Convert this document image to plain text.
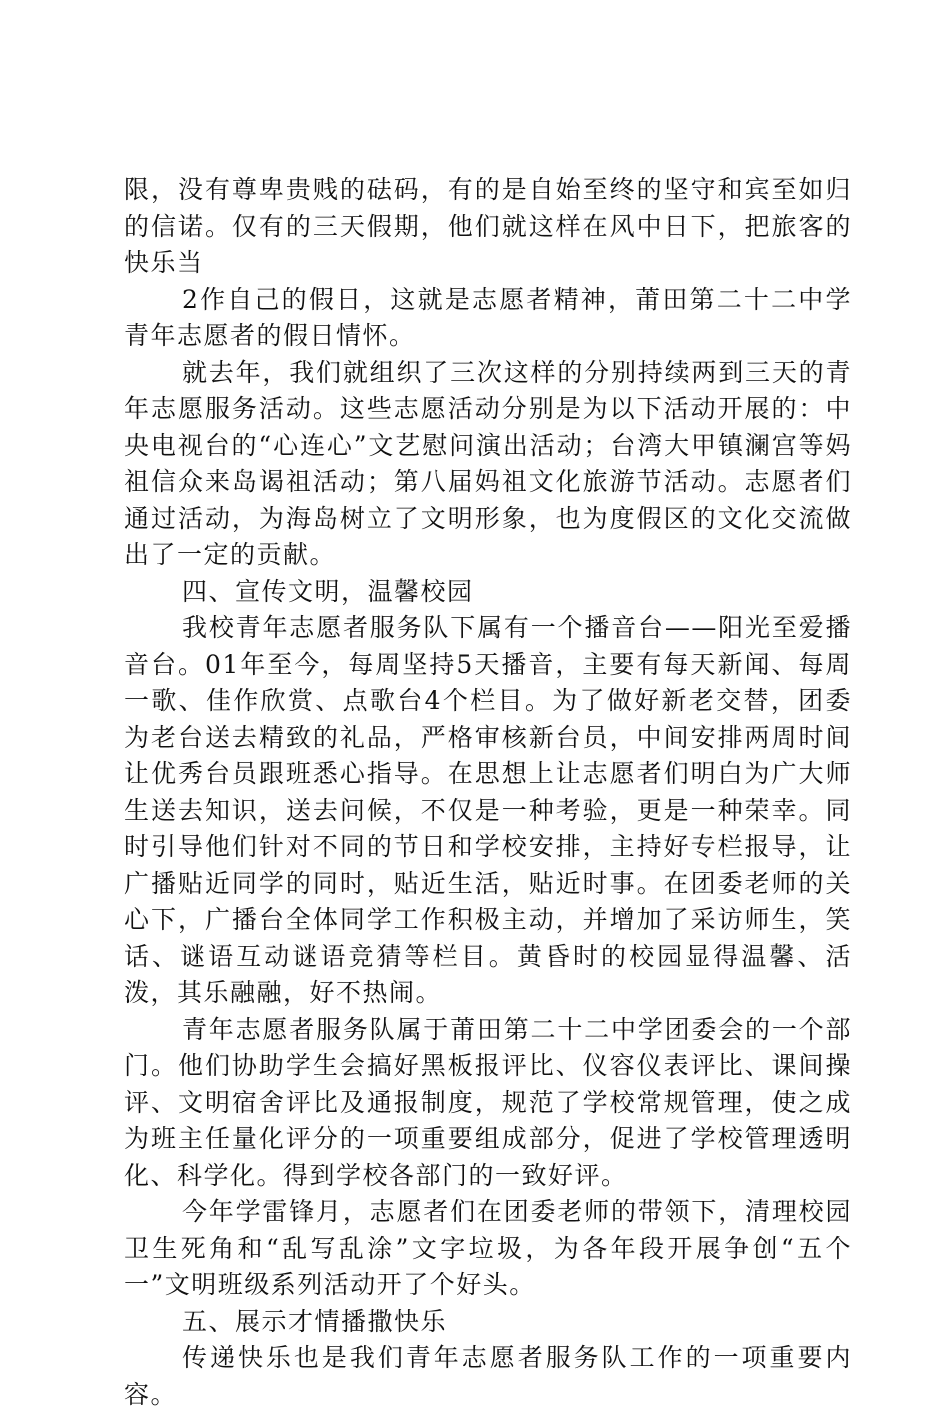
限，没有尊卑贵贱的砝码，有的是自始至终的坚守和宾至如归的信诺。仅有的三天假期，他们就这样在风中日下，把旅客的快乐当

2作自己的假日，这就是志愿者精神，莆田第二十二中学青年志愿者的假日情怀。

就去年，我们就组织了三次这样的分别持续两到三天的青年志愿服务活动。这些志愿活动分别是为以下活动开展的：中央电视台的“心连心”文艺慰问演出活动；台湾大甲镇澜宫等妈祖信众来岛谒祖活动；第八届妈祖文化旅游节活动。志愿者们通过活动，为海岛树立了文明形象，也为度假区的文化交流做出了一定的贡献。

四、宣传文明，温馨校园

我校青年志愿者服务队下属有一个播音台——阳光至爱播音台。01年至今，每周坚持5天播音，主要有每天新闻、每周一歌、佳作欣赏、点歌台4个栏目。为了做好新老交替，团委为老台送去精致的礼品，严格审核新台员，中间安排两周时间让优秀台员跟班悉心指导。在思想上让志愿者们明白为广大师生送去知识，送去问候，不仅是一种考验，更是一种荣幸。同时引导他们针对不同的节日和学校安排，主持好专栏报导，让广播贴近同学的同时，贴近生活，贴近时事。在团委老师的关心下，广播台全体同学工作积极主动，并增加了采访师生，笑话、谜语互动谜语竞猜等栏目。黄昏时的校园显得温馨、活泼，其乐融融，好不热闹。

青年志愿者服务队属于莆田第二十二中学团委会的一个部门。他们协助学生会搞好黑板报评比、仪容仪表评比、课间操评、文明宿舍评比及通报制度，规范了学校常规管理，使之成为班主任量化评分的一项重要组成部分，促进了学校管理透明化、科学化。得到学校各部门的一致好评。

今年学雷锋月，志愿者们在团委老师的带领下，清理校园卫生死角和“乱写乱涂”文字垃圾，为各年段开展争创“五个一”文明班级系列活动开了个好头。

五、展示才情播撒快乐

传递快乐也是我们青年志愿者服务队工作的一项重要内容。
